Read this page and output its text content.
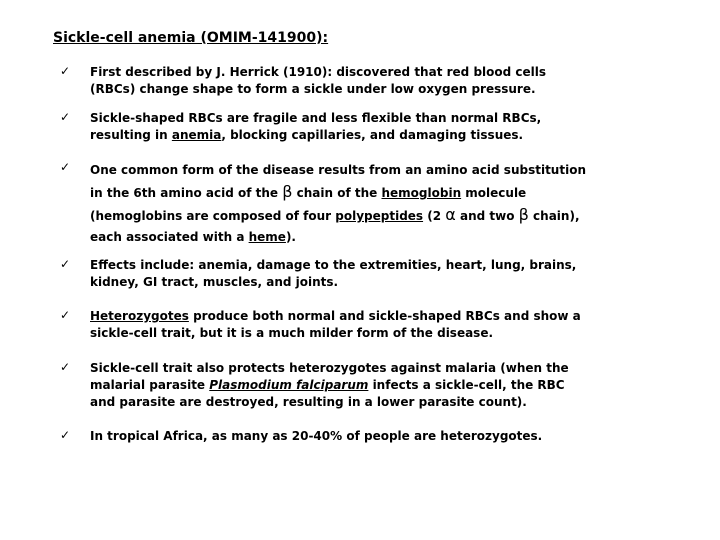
Sickle-cell anemia (OMIM-141900):
✓ First described by J. Herrick (1910): discovered that red blood cells
(RBCs) change shape to form a sickle under low oxygen pressure.
✓ Sickle-shaped RBCs are fragile and less flexible than normal RBCs,
resulting in anemia, blocking capillaries, and damaging tissues.
✓ One common form of the disease results from an amino acid substitution
in the 6th amino acid of the β chain of the hemoglobin molecule
(hemoglobins are composed of four polypeptides (2 α and two β chain),
each associated with a heme).
✓ Effects include: anemia, damage to the extremities, heart, lung, brains,
kidney, GI tract, muscles, and joints.
✓ Heterozygotes produce both normal and sickle-shaped RBCs and show a
sickle-cell trait, but it is a much milder form of the disease.
✓ Sickle-cell trait also protects heterozygotes against malaria (when the
malarial parasite Plasmodium falciparum infects a sickle-cell, the RBC
and parasite are destroyed, resulting in a lower parasite count).
✓ In tropical Africa, as many as 20-40% of people are heterozygotes.
